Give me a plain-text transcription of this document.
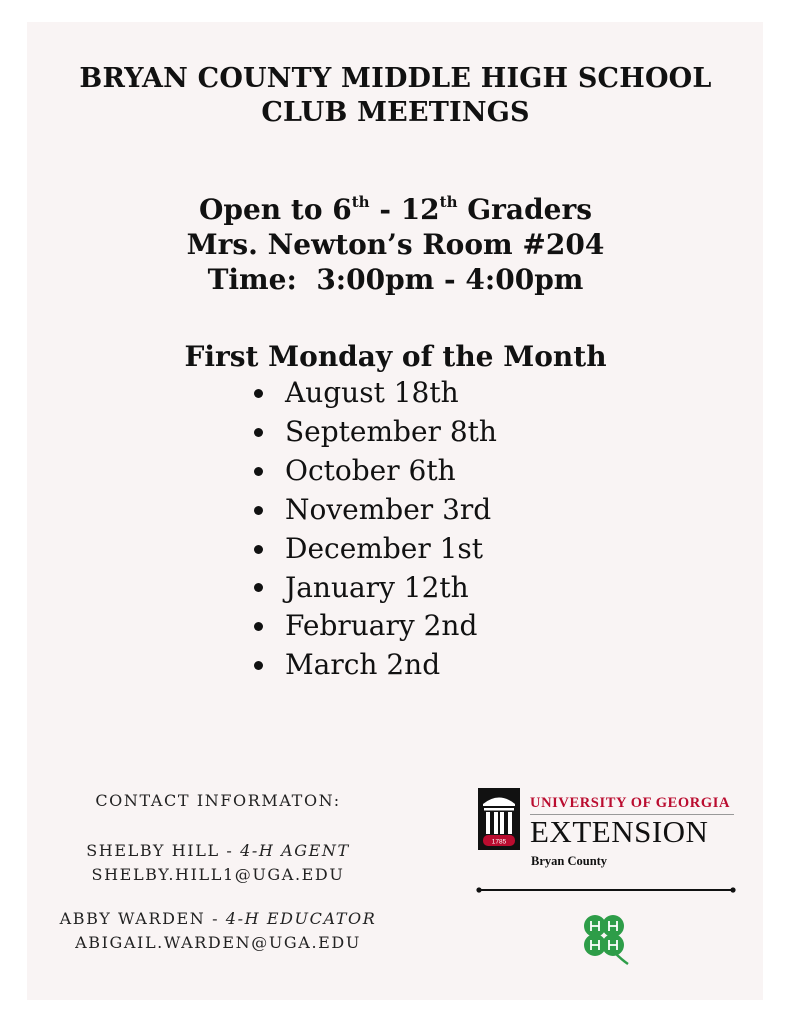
BRYAN COUNTY MIDDLE HIGH SCHOOL
CLUB MEETINGS
Open to 6th - 12th Graders
Mrs. Newton’s Room #204
Time:  3:00pm - 4:00pm
First Monday of the Month
August 18th
September 8th
October 6th
November 3rd
December 1st
January 12th
February 2nd
March 2nd
CONTACT INFORMATON:
SHELBY HILL - 4-H AGENT
SHELBY.HILL1@UGA.EDU
ABBY WARDEN - 4-H EDUCATOR
ABIGAIL.WARDEN@UGA.EDU
1785
UNIVERSITY OF GEORGIA
EXTENSION
Bryan County
